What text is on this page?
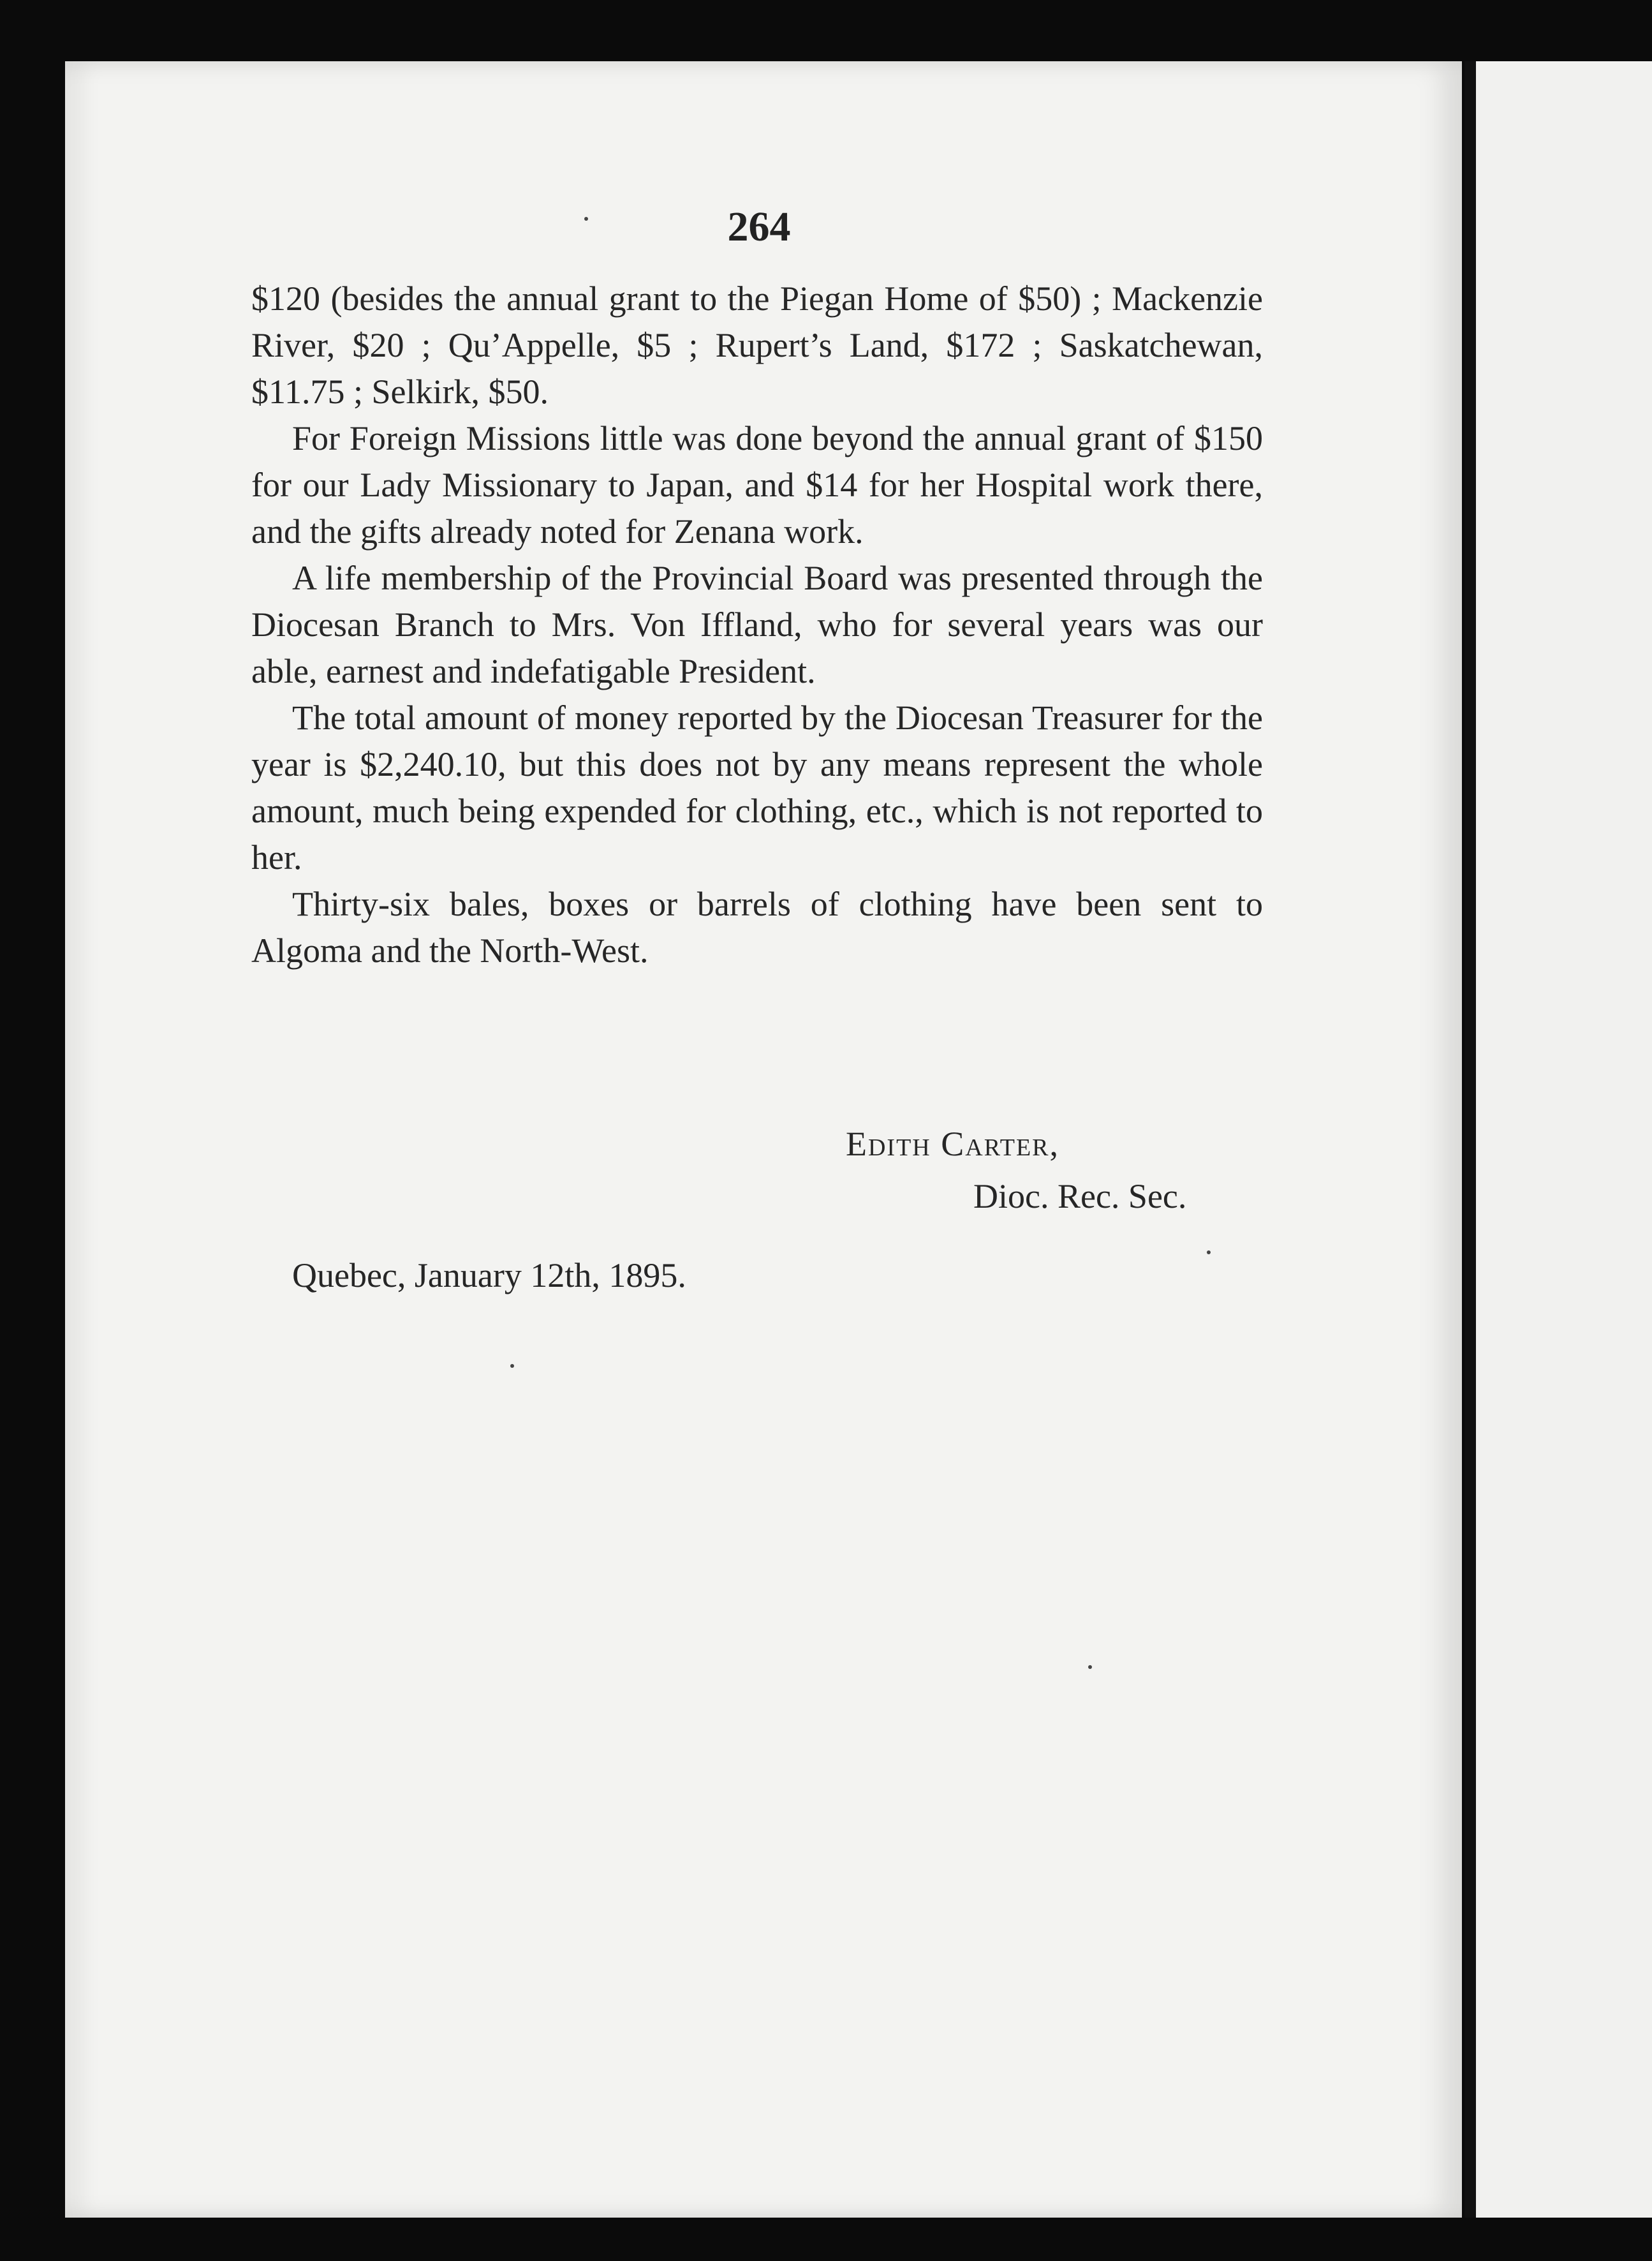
264

$120 (besides the annual grant to the Piegan Home of $50) ; Mackenzie River, $20 ; Qu’Appelle, $5 ; Rupert’s Land, $172 ; Saskatchewan, $11.75 ; Selkirk, $50.

For Foreign Missions little was done beyond the annual grant of $150 for our Lady Missionary to Japan, and $14 for her Hospital work there, and the gifts already noted for Zenana work.

A life membership of the Provincial Board was presented through the Diocesan Branch to Mrs. Von Iffland, who for several years was our able, earnest and indefatigable President.

The total amount of money reported by the Diocesan Treasurer for the year is $2,240.10, but this does not by any means represent the whole amount, much being expended for clothing, etc., which is not reported to her.

Thirty-six bales, boxes or barrels of clothing have been sent to Algoma and the North-West.

Edith Carter,
Dioc. Rec. Sec.
Quebec, January 12th, 1895.
